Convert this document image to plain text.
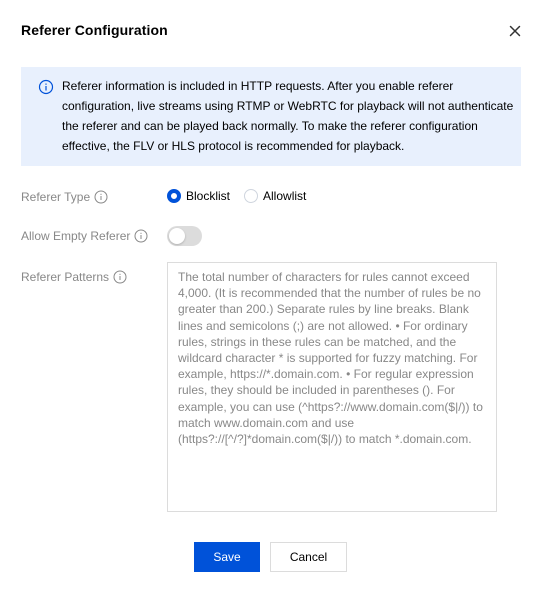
Referer Configuration
Referer information is included in HTTP requests. After you enable referer configuration, live streams using RTMP or WebRTC for playback will not authenticate the referer and can be played back normally. To make the referer configuration effective, the FLV or HLS protocol is recommended for playback.
Referer Type	Blocklist	Allowlist
Allow Empty Referer
Referer Patterns
The total number of characters for rules cannot exceed 4,000. (It is recommended that the number of rules be no greater than 200.) Separate rules by line breaks. Blank lines and semicolons (;) are not allowed. • For ordinary rules, strings in these rules can be matched, and the wildcard character * is supported for fuzzy matching. For example, https://*.domain.com. • For regular expression rules, they should be included in parentheses (). For example, you can use (^https?://www.domain.com($|/)) to match www.domain.com and use (https?://[^/?]*domain.com($|/)) to match *.domain.com.
Save	Cancel
